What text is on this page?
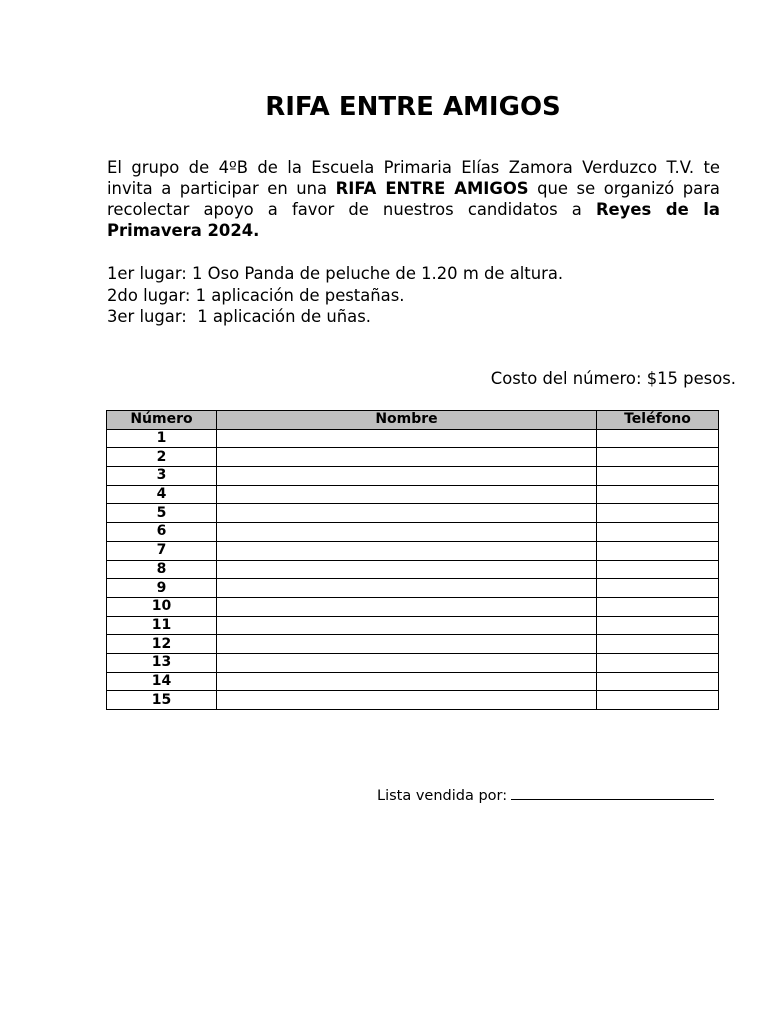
RIFA ENTRE AMIGOS

El grupo de 4ºB de la Escuela Primaria Elías Zamora Verduzco T.V. te invita a participar en una RIFA ENTRE AMIGOS que se organizó para recolectar apoyo a favor de nuestros candidatos a Reyes de la Primavera 2024.

1er lugar: 1 Oso Panda de peluche de 1.20 m de altura.
2do lugar: 1 aplicación de pestañas.
3er lugar:  1 aplicación de uñas.

Costo del número: $15 pesos.

Número	Nombre	Teléfono
1		
2		
3		
4		
5		
6		
7		
8		
9		
10		
11		
12		
13		
14		
15		

Lista vendida por:
